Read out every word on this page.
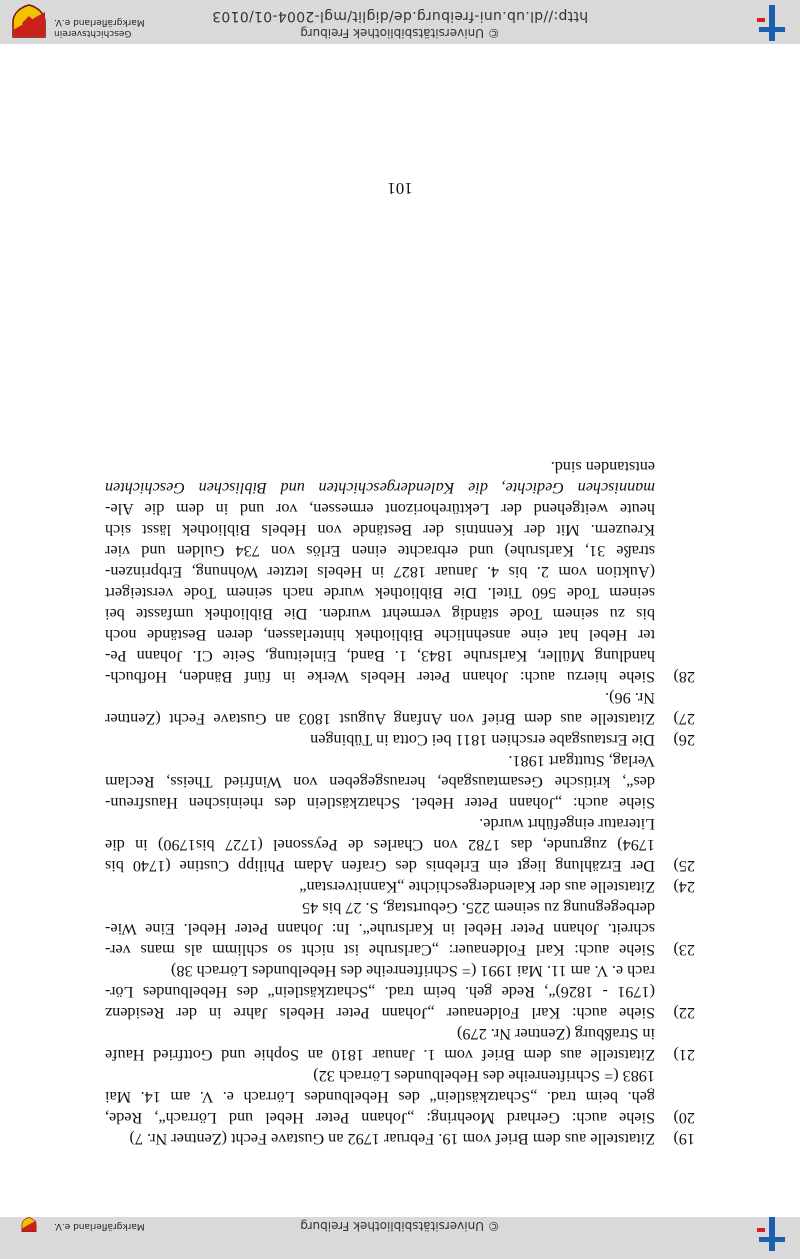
© Universitätsbibliothek Freiburg
http://dl.ub.uni-freiburg.de/diglit/mgl-2004-01/0103
Geschichtsverein
Markgräflerland e.V.
© Universitätsbibliothek Freiburg
Markgräflerland e.V.
101
19)
Zitatstelle aus dem Brief vom 19. Februar 1792 an Gustave Fecht (Zentner Nr. 7)
20)
Siehe auch: Gerhard Moehring: „Johann Peter Hebel und Lörrach“, Rede,
geh. beim trad. „Schatzkästlein“ des Hebelbundes Lörrach e. V. am 14. Mai
1983 (= Schriftenreihe des Hebelbundes Lörrach 32)
21)
Zitatstelle aus dem Brief vom 1. Januar 1810 an Sophie und Gottfried Haufe
in Straßburg (Zentner Nr. 279)
22)
Siehe auch: Karl Foldenauer „Johann Peter Hebels Jahre in der Residenz
(1791 - 1826)“, Rede geh. beim trad. „Schatzkästlein“ des Hebelbundes Lör-
rach e. V. am 11. Mai 1991 (= Schriftenreihe des Hebelbundes Lörrach 38)
23)
Siehe auch: Karl Foldenauer: „Carlsruhe ist nicht so schlimm als mans ver-
schreit. Johann Peter Hebel in Karlsruhe“. In: Johann Peter Hebel. Eine Wie-
derbegegnung zu seinem 225. Geburtstag, S. 27 bis 45
24)
Zitatstelle aus der Kalendergeschichte „Kannitverstan“
25)
Der Erzählung liegt ein Erlebnis des Grafen Adam Philipp Custine (1740 bis
1794) zugrunde, das 1782 von Charles de Peyssonel (1727 bis1790) in die
Literatur eingeführt wurde.
Siehe auch: „Johann Peter Hebel. Schatzkästlein des rheinischen Hausfreun-
des“, kritische Gesamtausgabe, herausgegeben von Winfried Theiss, Reclam
Verlag, Stuttgart 1981.
26)
Die Erstausgabe erschien 1811 bei Cotta in Tübingen
27)
Zitatstelle aus dem Brief von Anfang August 1803 an Gustave Fecht (Zentner
Nr. 96).
28)
Siehe hierzu auch: Johann Peter Hebels Werke in fünf Bänden, Hofbuch-
handlung Müller, Karlsruhe 1843, 1. Band, Einleitung, Seite CI. Johann Pe-
ter Hebel hat eine ansehnliche Bibliothek hinterlassen, deren Bestände noch
bis zu seinem Tode ständig vermehrt wurden. Die Bibliothek umfasste bei
seinem Tode 560 Titel. Die Bibliothek wurde nach seinem Tode versteigert
(Auktion vom 2. bis 4. Januar 1827 in Hebels letzter Wohnung, Erbprinzen-
straße 31, Karlsruhe) und erbrachte einen Erlös von 734 Gulden und vier
Kreuzern. Mit der Kenntnis der Bestände von Hebels Bibliothek lässt sich
heute weitgehend der Lektürehorizont ermessen, vor und in dem die Ale-
mannischen Gedichte, die Kalendergeschichten und Biblischen Geschichten
entstanden sind.
